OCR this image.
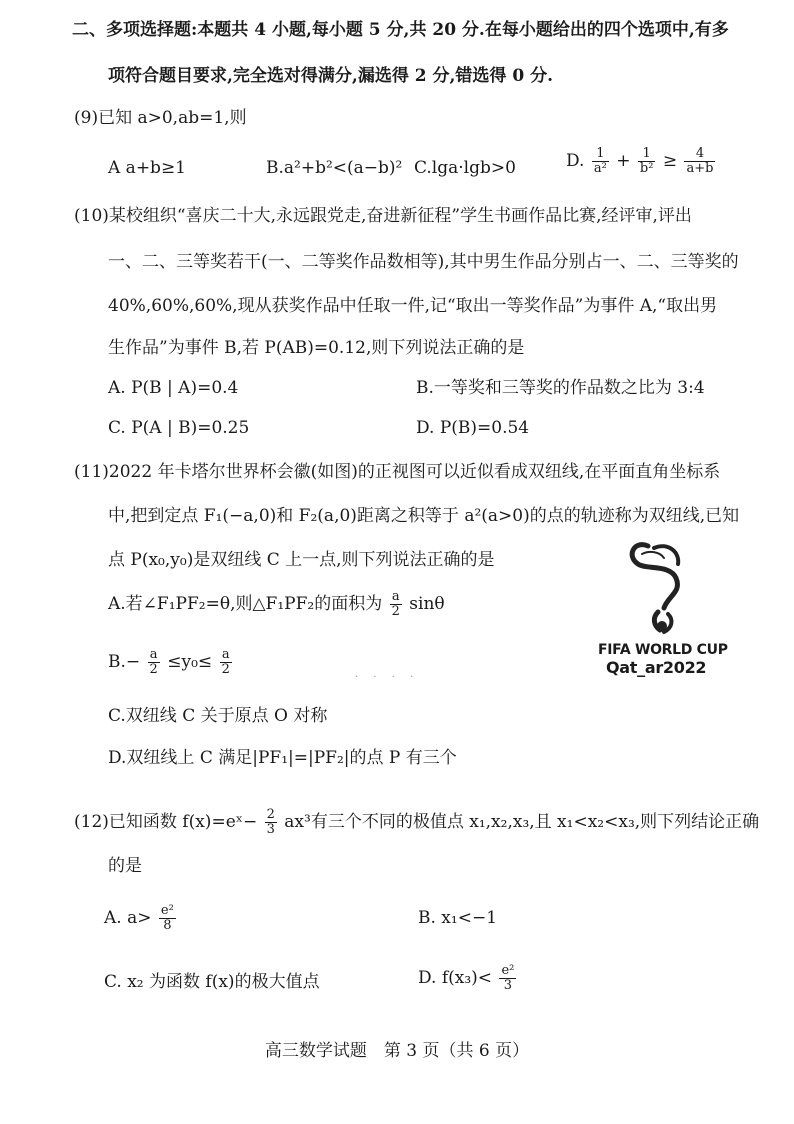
二、多项选择题:本题共 4 小题,每小题 5 分,共 20 分.在每小题给出的四个选项中,有多
项符合题目要求,完全选对得满分,漏选得 2 分,错选得 0 分.
(9)已知 a>0,ab=1,则
A a+b≥1	B.a²+b²<(a−b)² C.lga·lgb>0	D. $\frac{1}{\text{a²}} + \frac{1}{\text{b²}} \ge \frac{4}{a+b}$
(10)某校组织“喜庆二十大,永远跟党走,奋进新征程”学生书画作品比赛,经评审,评出
一、二、三等奖若干(一、二等奖作品数相等),其中男生作品分别占一、二、三等奖的
40%,60%,60%,现从获奖作品中任取一件,记“取出一等奖作品”为事件 A,“取出男
生作品”为事件 B,若 P(AB)=0.12,则下列说法正确的是
A. P(B | A)=0.4	B.一等奖和三等奖的作品数之比为 3:4
C. P(A | B)=0.25	D. P(B)=0.54
(11)2022 年卡塔尔世界杯会徽(如图)的正视图可以近似看成双纽线,在平面直角坐标系
中,把到定点 F₁(−a,0)和 F₂(a,0)距离之积等于 a²(a>0)的点的轨迹称为双纽线,已知
点 P(x₀,y₀)是双纽线 C 上一点,则下列说法正确的是
A.若∠F₁PF₂=θ,则△F₁PF₂的面积为 $\frac{a}{2}$ sinθ
$B.- \frac{a}{2} \le y_0\le \frac{a}{2}$
· · · ·
C.双纽线 C 关于原点 O 对称
D.双纽线上 C 满足|PF₁|=|PF₂|的点 P 有三个
FIFA WORLD CUP
Qat_ar2022
(12)已知函数 f(x)=eˣ− $\frac{2}{3} ax^3$有三个不同的极值点 x₁,x₂,x₃,且 x₁<x₂<x₃,则下列结论正确
的是
A. $a> \frac{\text{e²}}{8}$	B. x₁<−1
C. x₂ 为函数 f(x)的极大值点	D. $f(x_3)< \frac{\text{e²}}{3}$
高三数学试题　第 3 页（共 6 页）
